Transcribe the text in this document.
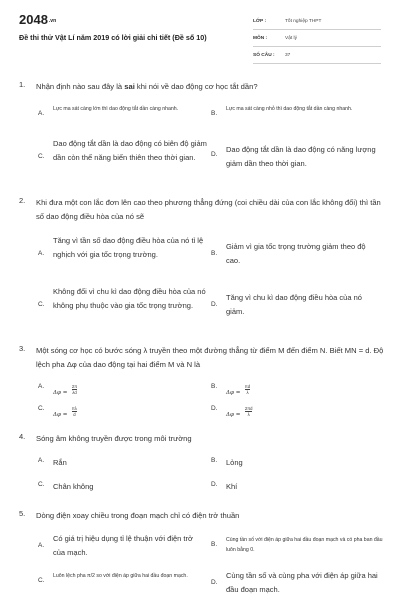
2048.vn
Đề thi thử Vật Lí năm 2019 có lời giải chi tiết (Đề số 10)
LỚP :	Tốt nghiệp THPT
MÔN :	Vật lý
SỐ CÂU : 37
1. Nhận định nào sau đây là sai khi nói về dao động cơ học tắt dần?
A.
Lực ma sát càng lớn thì dao động tắt dần càng nhanh.
B.
Lực ma sát càng nhỏ thì dao động tắt dần càng nhanh.
C.
Dao động tắt dần là dao động có biên độ giảm dần còn thế năng biến thiên theo thời gian.	D.
Dao động tắt dần là dao động có năng lượng giảm dần theo thời gian.
2. Khi đưa một con lắc đơn lên cao theo phương thẳng đứng (coi chiều dài của con lắc không đổi) thì tần số dao động điều hòa của nó sẽ
A.
Tăng vì tần số dao động điều hòa của nó tỉ lệ nghịch với gia tốc trọng trường.	B.
Giảm vì gia tốc trọng trường giảm theo độ cao.
C.
Không đổi vì chu kì dao động điều hòa của nó không phụ thuộc vào gia tốc trọng trường.	D.
Tăng vì chu kì dao động điều hòa của nó giảm.
3. Một sóng cơ học có bước sóng λ truyền theo một đường thẳng từ điểm M đến điểm N. Biết MN = d. Độ lệch pha Δφ của dao động tại hai điểm M và N là
A.
$\Delta\varphi = \frac{2\pi}{\lambda d}$	B.
$\Delta\varphi = \frac{\pi d}{\lambda}$
C.
$\Delta\varphi = \frac{\pi\lambda}{d}$	D.
$\Delta\varphi = \frac{2\pi d}{\lambda}$
4. Sóng âm không truyền được trong môi trường
A. Rắn	B. Lỏng
C. Chân không	D. Khí
5. Dòng điện xoay chiều trong đoạn mạch chỉ có điện trở thuần
A.
Có giá trị hiệu dụng tỉ lệ thuận với điện trở của mạch.
B.
Cùng tần số với điện áp giữa hai đầu đoạn mạch và có pha ban đầu luôn bằng 0.
C.
Luôn lệch pha π/2 so với điện áp giữa hai đầu đoạn mạch.
D.
Cùng tần số và cùng pha với điện áp giữa hai đầu đoạn mạch.
